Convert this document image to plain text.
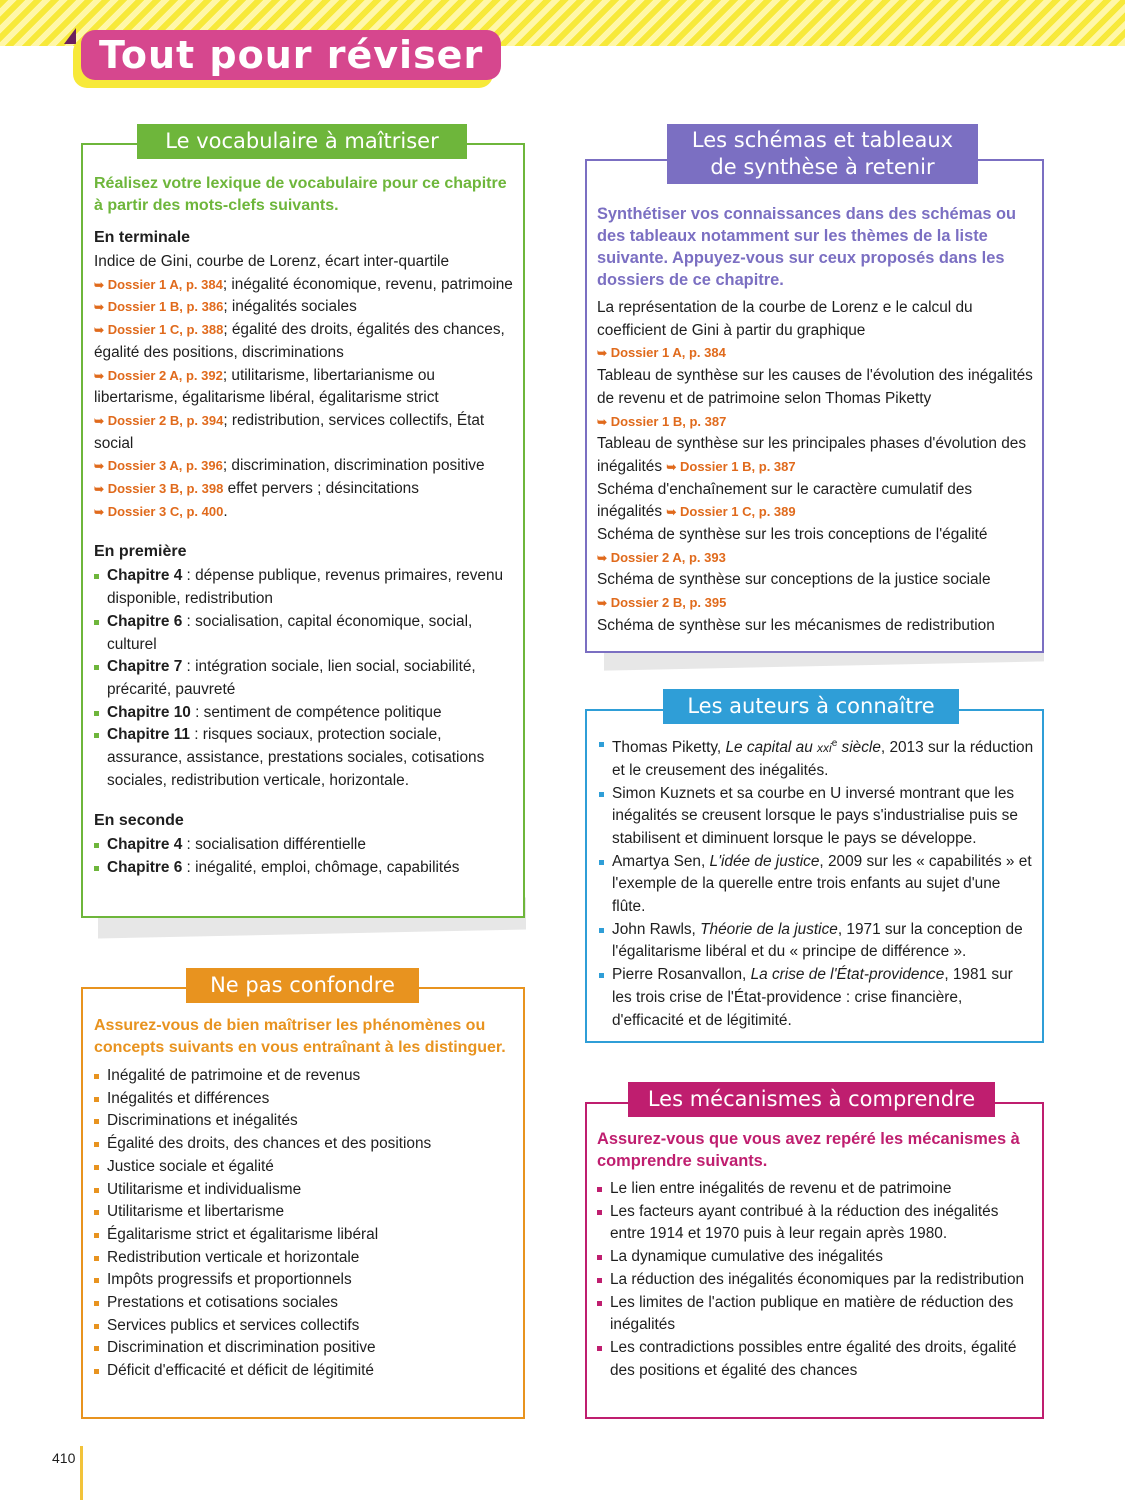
Tout pour réviser

Réalisez votre lexique de vocabulaire pour ce chapitre à partir des mots-clefs suivants.

En terminale
Indice de Gini, courbe de Lorenz, écart inter-quartile
➥ Dossier 1 A, p. 384; inégalité économique, revenu, patrimoine ➥ Dossier 1 B, p. 386; inégalités sociales
➥ Dossier 1 C, p. 388; égalité des droits, égalités des chances, égalité des positions, discriminations
➥ Dossier 2 A, p. 392; utilitarisme, libertarianisme ou libertarisme, égalitarisme libéral, égalitarisme strict
➥ Dossier 2 B, p. 394; redistribution, services collectifs, État social
➥ Dossier 3 A, p. 396; discrimination, discrimination positive ➥ Dossier 3 B, p. 398 effet pervers ; désincitations ➥ Dossier 3 C, p. 400.
En première
Chapitre 4 : dépense publique, revenus primaires, revenu disponible, redistribution
Chapitre 6 : socialisation, capital économique, social, culturel
Chapitre 7 : intégration sociale, lien social, sociabilité, précarité, pauvreté
Chapitre 10 : sentiment de compétence politique
Chapitre 11 : risques sociaux, protection sociale, assurance, assistance, prestations sociales, cotisations sociales, redistribution verticale, horizontale.
En seconde
Chapitre 4 : socialisation différentielle
Chapitre 6 : inégalité, emploi, chômage, capabilités
Le vocabulaire à maîtriser

Assurez-vous de bien maîtriser les phénomènes ou concepts suivants en vous entraînant à les distinguer.

Inégalité de patrimoine et de revenus
Inégalités et différences
Discriminations et inégalités
Égalité des droits, des chances et des positions
Justice sociale et égalité
Utilitarisme et individualisme
Utilitarisme et libertarisme
Égalitarisme strict et égalitarisme libéral
Redistribution verticale et horizontale
Impôts progressifs et proportionnels
Prestations et cotisations sociales
Services publics et services collectifs
Discrimination et discrimination positive
Déficit d'efficacité et déficit de légitimité
Ne pas confondre

Synthétiser vos connaissances dans des schémas ou des tableaux notamment sur les thèmes de la liste suivante. Appuyez-vous sur ceux proposés dans les dossiers de ce chapitre.

La représentation de la courbe de Lorenz e le calcul du coefficient de Gini à partir du graphique
➥ Dossier 1 A, p. 384
Tableau de synthèse sur les causes de l'évolution des inégalités de revenu et de patrimoine selon Thomas Piketty
➥ Dossier 1 B, p. 387
Tableau de synthèse sur les principales phases d'évolution des inégalités ➥ Dossier 1 B, p. 387
Schéma d'enchaînement sur le caractère cumulatif des inégalités ➥ Dossier 1 C, p. 389
Schéma de synthèse sur les trois conceptions de l'égalité
➥ Dossier 2 A, p. 393
Schéma de synthèse sur conceptions de la justice sociale
➥ Dossier 2 B, p. 395
Schéma de synthèse sur les mécanismes de redistribution
Les schémas et tableaux
de synthèse à retenir
Thomas Piketty, Le capital au xxi$^e$ siècle, 2013 sur la réduction et le creusement des inégalités.
Simon Kuznets et sa courbe en U inversé montrant que les inégalités se creusent lorsque le pays s'industrialise puis se stabilisent et diminuent lorsque le pays se développe.
Amartya Sen, L'idée de justice, 2009 sur les « capabilités » et l'exemple de la querelle entre trois enfants au sujet d'une flûte.
John Rawls, Théorie de la justice, 1971 sur la conception de l'égalitarisme libéral et du « principe de différence ».
Pierre Rosanvallon, La crise de l'État-providence, 1981 sur les trois crise de l'État-providence : crise financière, d'efficacité et de légitimité.
Les auteurs à connaître

Assurez-vous que vous avez repéré les mécanismes à comprendre suivants.

Le lien entre inégalités de revenu et de patrimoine
Les facteurs ayant contribué à la réduction des inégalités entre 1914 et 1970 puis à leur regain après 1980.
La dynamique cumulative des inégalités
La réduction des inégalités économiques par la redistribution
Les limites de l'action publique en matière de réduction des inégalités
Les contradictions possibles entre égalité des droits, égalité des positions et égalité des chances
Les mécanismes à comprendre
410
